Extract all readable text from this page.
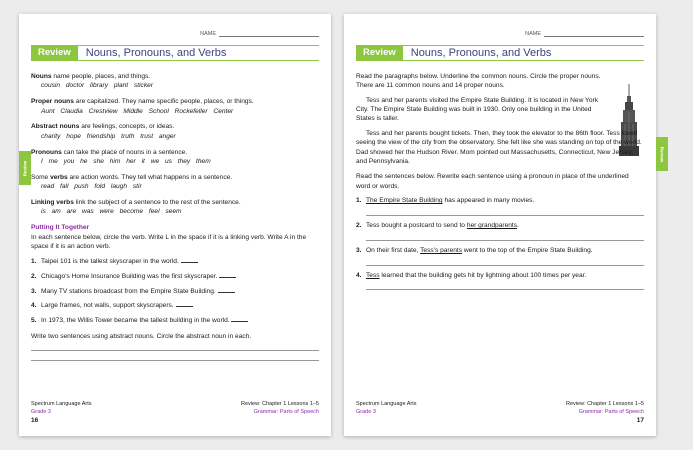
NAME
Review	Nouns, Pronouns, and Verbs
Nouns name people, places, and things.
cousin doctor library plant sticker
Proper nouns are capitalized. They name specific people, places, or things.
Aunt Claudia Crestview Middle School Rockefeller Center
Abstract nouns are feelings, concepts, or ideas.
charity hope friendship truth trust anger
Pronouns can take the place of nouns in a sentence.
I me you he she him her it we us they them
Some verbs are action words. They tell what happens in a sentence.
read fall push fold laugh stir
Linking verbs link the subject of a sentence to the rest of the sentence.
is am are was were become feel seem
Putting It Together
In each sentence below, circle the verb. Write L in the space if it is a linking verb. Write A in the space if it is an action verb.
1. Taipei 101 is the tallest skyscraper in the world.
2. Chicago's Home Insurance Building was the first skyscraper.
3. Many TV stations broadcast from the Empire State Building.
4. Large frames, not walls, support skyscrapers.
5. In 1973, the Willis Tower became the tallest building in the world.
Write two sentences using abstract nouns. Circle the abstract noun in each.
Spectrum Language Arts	Review: Chapter 1 Lessons 1–5
Grade 3	Grammar: Parts of Speech
16
Review
NAME
Review	Nouns, Pronouns, and Verbs
Read the paragraphs below. Underline the common nouns. Circle the proper nouns. There are 11 common nouns and 14 proper nouns.
Tess and her parents visited the Empire State Building. It is located in New York City. The Empire State Building was built in 1930. Only one building in the United States is taller.
Tess and her parents bought tickets. Then, they took the elevator to the 86th floor. Tess loved seeing the view of the city from the observatory. She felt like she was standing on top of the world. Dad showed her the Hudson River. Mom pointed out Massachusetts, Connecticut, New Jersey, and Pennsylvania.
Read the sentences below. Rewrite each sentence using a pronoun in place of the underlined word or words.
1. The Empire State Building has appeared in many movies.
2. Tess bought a postcard to send to her grandparents.
3. On their first date, Tess's parents went to the top of the Empire State Building.
4. Tess learned that the building gets hit by lightning about 100 times per year.
Spectrum Language Arts	Review: Chapter 1 Lessons 1–5
Grade 3	Grammar: Parts of Speech
17
Review
